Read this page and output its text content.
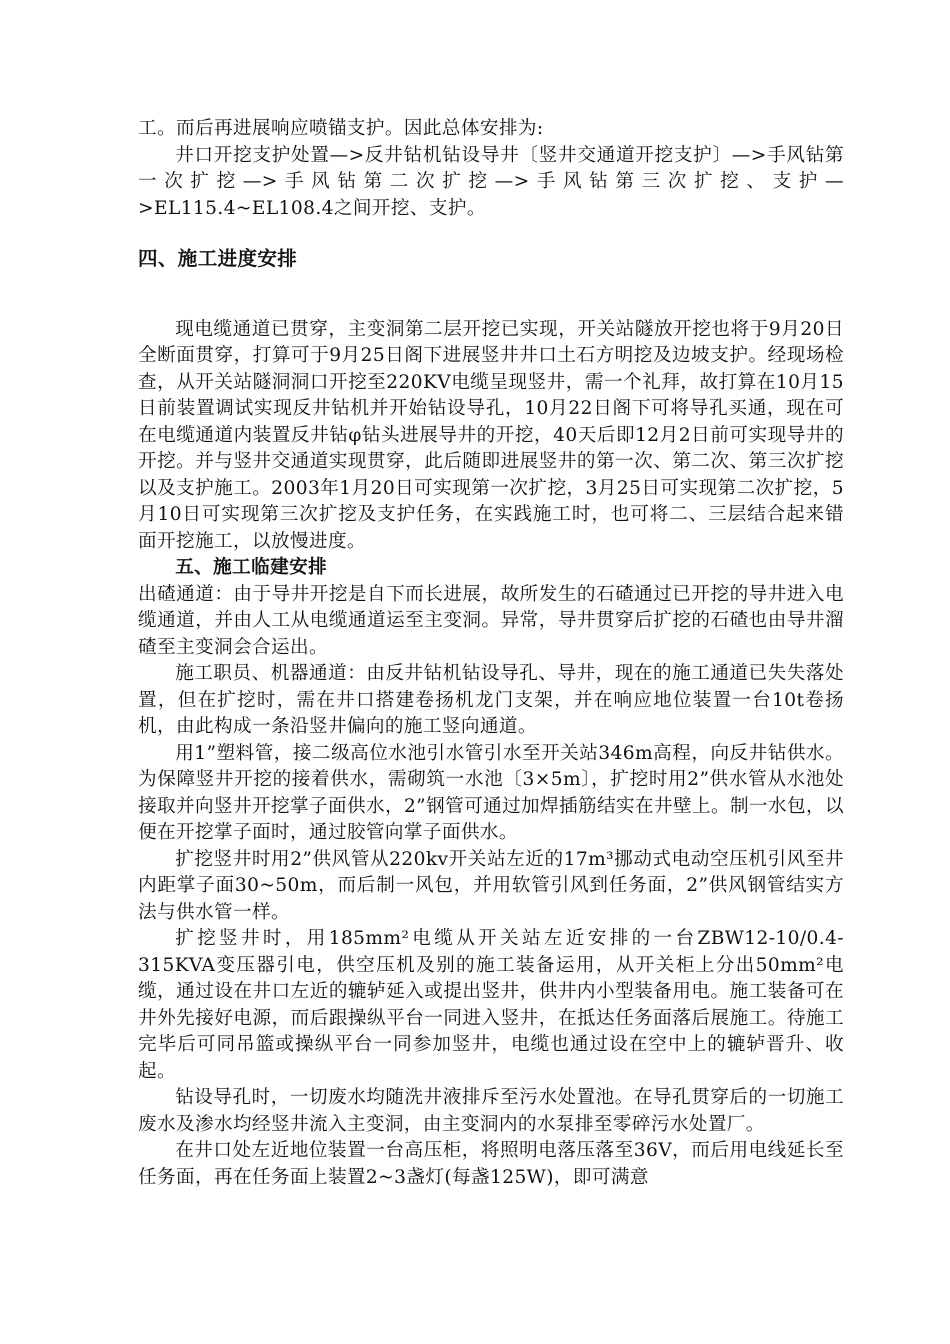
工。而后再进展响应喷锚支护。因此总体安排为:

井口开挖支护处置—>反井钻机钻设导井〔竖井交通道开挖支护〕—>手风钻第一次扩挖—>手风钻第二次扩挖—>手风钻第三次扩挖、支护—>EL115.4~EL108.4之间开挖、支护。

四、施工进度安排

现电缆通道已贯穿，主变洞第二层开挖已实现，开关站隧放开挖也将于9月20日全断面贯穿，打算可于9月25日阁下进展竖井井口土石方明挖及边坡支护。经现场检查，从开关站隧洞洞口开挖至220KV电缆呈现竖井，需一个礼拜，故打算在10月15日前装置调试实现反井钻机并开始钻设导孔，10月22日阁下可将导孔买通，现在可在电缆通道内装置反井钻φ钻头进展导井的开挖，40天后即12月2日前可实现导井的开挖。并与竖井交通道实现贯穿，此后随即进展竖井的第一次、第二次、第三次扩挖以及支护施工。2003年1月20日可实现第一次扩挖，3月25日可实现第二次扩挖，5月10日可实现第三次扩挖及支护任务，在实践施工时，也可将二、三层结合起来错面开挖施工，以放慢进度。

五、施工临建安排

出碴通道：由于导井开挖是自下而长进展，故所发生的石碴通过已开挖的导井进入电缆通道，并由人工从电缆通道运至主变洞。异常，导井贯穿后扩挖的石碴也由导井溜碴至主变洞会合运出。

施工职员、机器通道：由反井钻机钻设导孔、导井，现在的施工通道已失失落处置，但在扩挖时，需在井口搭建卷扬机龙门支架，并在响应地位装置一台10t卷扬机，由此构成一条沿竖井偏向的施工竖向通道。

用1”塑料管，接二级高位水池引水管引水至开关站346m高程，向反井钻供水。为保障竖井开挖的接着供水，需砌筑一水池〔3×5m〕，扩挖时用2”供水管从水池处接取并向竖井开挖掌子面供水，2”钢管可通过加焊插筋结实在井壁上。制一水包，以便在开挖掌子面时，通过胶管向掌子面供水。

扩挖竖井时用2”供风管从220kv开关站左近的17m³挪动式电动空压机引风至井内距掌子面30~50m，而后制一风包，并用软管引风到任务面，2”供风钢管结实方法与供水管一样。

扩挖竖井时，用185mm²电缆从开关站左近安排的一台ZBW12-10/0.4-315KVA变压器引电，供空压机及别的施工装备运用，从开关柜上分出50mm²电缆，通过设在井口左近的辘轳延入或提出竖井，供井内小型装备用电。施工装备可在井外先接好电源，而后跟操纵平台一同进入竖井，在抵达任务面落后展施工。待施工完毕后可同吊篮或操纵平台一同参加竖井，电缆也通过设在空中上的辘轳晋升、收起。

钻设导孔时，一切废水均随洗井液排斥至污水处置池。在导孔贯穿后的一切施工废水及渗水均经竖井流入主变洞，由主变洞内的水泵排至零碎污水处置厂。

在井口处左近地位装置一台高压柜，将照明电落压落至36V，而后用电线延长至任务面，再在任务面上装置2~3盏灯(每盏125W)，即可满意
